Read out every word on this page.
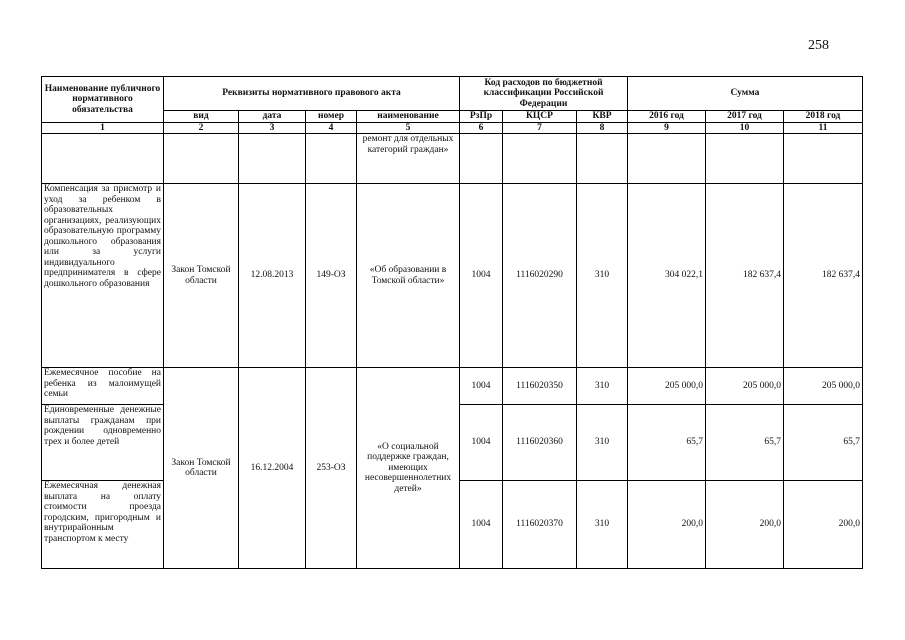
258
Наименование публичного нормативного обязательства	Реквизиты нормативного правового акта				Код расходов по бюджетной классификации Российской Федерации			Сумма		
	вид	дата	номер	наименование	РзПр	КЦСР	КВР	2016 год	2017 год	2018 год
1	2	3	4	5	6	7	8	9	10	11
				ремонт для отдельных категорий граждан»						
Компенсация за присмотр и уход за ребенком в образовательных организациях, реализующих образовательную программу дошкольного образования или за услуги индивидуального предпринимателя в сфере дошкольного образования	Закон Томской области	12.08.2013	149-ОЗ	«Об образовании в Томской области»	1004	1116020290	310	304 022,1	182 637,4	182 637,4
Ежемесячное пособие на ребенка из малоимущей семьи	Закон Томской области	16.12.2004	253-ОЗ	«О социальной поддержке граждан, имеющих несовершеннолетних детей»	1004	1116020350	310	205 000,0	205 000,0	205 000,0
Единовременные денежные выплаты гражданам при рождении одновременно трех и более детей					1004	1116020360	310	65,7	65,7	65,7
Ежемесячная денежная выплата на оплату стоимости проезда городским, пригородным и внутрирайонным транспортом к месту					1004	1116020370	310	200,0	200,0	200,0
